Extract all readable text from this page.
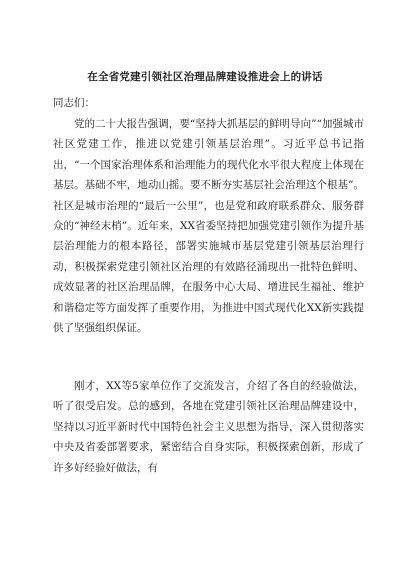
在全省党建引领社区治理品牌建设推进会上的讲话
同志们：

党的二十大报告强调，要“坚持大抓基层的鲜明导向”“加强城市社区党建工作，推进以党建引领基层治理”。习近平总书记指出，“一个国家治理体系和治理能力的现代化水平很大程度上体现在基层。基础不牢，地动山摇。要不断夯实基层社会治理这个根基”。社区是城市治理的“最后一公里”，也是党和政府联系群众、服务群众的“神经末梢”。近年来，XX省委坚持把加强党建引领作为提升基层治理能力的根本路径，部署实施城市基层党建引领基层治理行动，积极探索党建引领社区治理的有效路径涌现出一批特色鲜明、成效显著的社区治理品牌，在服务中心大局、增进民生福祉、维护和谐稳定等方面发挥了重要作用，为推进中国式现代化XX新实践提供了坚强组织保证。

刚才，XX等5家单位作了交流发言，介绍了各自的经验做法，听了很受启发。总的感到，各地在党建引领社区治理品牌建设中，坚持以习近平新时代中国特色社会主义思想为指导，深入贯彻落实中央及省委部署要求，紧密结合自身实际，积极探索创新，形成了许多好经验好做法，有
